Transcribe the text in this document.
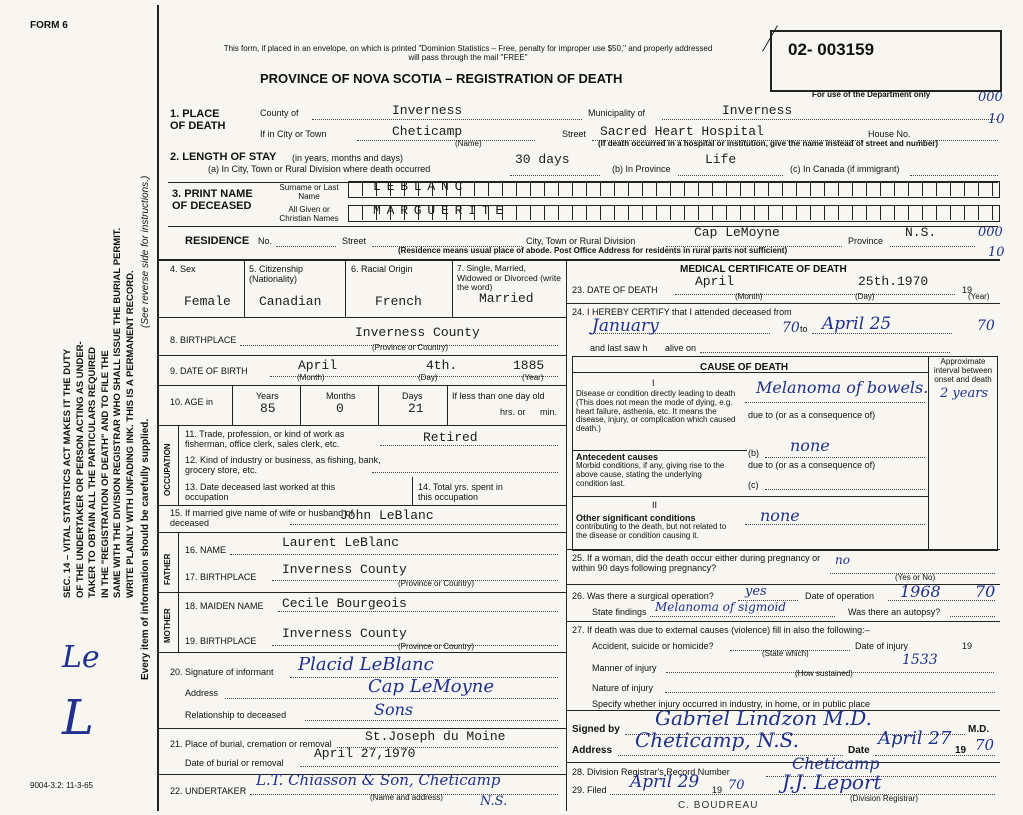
FORM 6
9004-3.2: 11-3-65
SEC. 14 – VITAL STATISTICS ACT MAKES IT THE DUTY OF THE UNDERTAKER OR PERSON ACTING AS UNDER- TAKER TO OBTAIN ALL THE PARTICULARS REQUIRED IN THE "REGISTRATION OF DEATH" AND TO FILE THE SAME WITH THE DIVISION REGISTRAR WHO SHALL ISSUE THE BURIAL PERMIT. WRITE PLAINLY WITH UNFADING INK. THIS IS A PERMANENT RECORD. Every item of information should be carefully supplied.
(See reverse side for instructions.)
Le
L
This form, if placed in an envelope, on which is printed "Dominion Statistics – Free, penalty for improper use $50," and properly addressed will pass through the mail "FREE"
PROVINCE OF NOVA SCOTIA – REGISTRATION OF DEATH
02- 003159
For use of the Department only	000
10
000
10
1. PLACE OF DEATH
County of	Inverness	Municipality of	Inverness
If in City or Town	Cheticamp
(Name)
Street Sacred Heart Hospital	House No.
(If death occurred in a hospital or institution, give the name instead of street and number)
2. LENGTH OF STAY (in years, months and days)
(a) In City, Town or Rural Division where death occurred
30 days
(b) In Province
Life
(c) In Canada (if immigrant)
3. PRINT NAME OF DECEASED
Surname or Last Name
All Given or Christian Names
LEBLANC
MARGUERITE
RESIDENCE No.	Street	City, Town or Rural Division
Cap LeMoyne
Province
N.S.
(Residence means usual place of abode. Post Office Address for residents in rural parts not sufficient)
4. Sex
Female
5. Citizenship (Nationality)
Canadian
6. Racial Origin
French
7. Single, Married, Widowed or Divorced (write the word)
Married
8. BIRTHPLACE	Inverness County
(Province or Country)
9. DATE OF BIRTH	April	4th.	1885
(Month)	(Day)	(Year)
10. AGE in
Years	Months	Days
85	0	21
If less than one day old
hrs. or min.
OCCUPATION
11. Trade, profession, or kind of work as fisherman, office clerk, sales clerk, etc.	Retired
12. Kind of industry or business, as fishing, bank, grocery store, etc.
13. Date deceased last worked at this occupation
14. Total yrs. spent in this occupation
15. If married give name of wife or husband of deceased
John LeBlanc
FATHER
16. NAME	Laurent LeBlanc
17. BIRTHPLACE Inverness County
(Province or Country)
MOTHER
18. MAIDEN NAME Cecile Bourgeois
19. BIRTHPLACE Inverness County
(Province or Country)
20. Signature of informant Placid LeBlanc
Address	Cap LeMoyne
Relationship to deceased	Sons
21. Place of burial, cremation or removal	St.Joseph du Moine
Date of burial or removal
April 27,1970
22. UNDERTAKER
L.T. Chiasson & Son, Cheticamp
N.S.
(Name and address)
MEDICAL CERTIFICATE OF DEATH
23. DATE OF DEATH
April	25th.1970
19
(Month)	(Day)	(Year)
24. I HEREBY CERTIFY that I attended deceased from
January	70 to April 25	70
and last saw h alive on
CAUSE OF DEATH
Approximate interval between onset and death
I
Disease or condition directly leading to death (This does not mean the mode of dying, e.g. heart failure, asthenia, etc. It means the disease, injury, or complication which caused death.)
Melanoma of bowels. 2 years
due to (or as a consequence of)
Antecedent causes
Morbid conditions, if any, giving rise to the above cause, stating the underlying condition last.
(b) none
due to (or as a consequence of)
(c)
II
Other significant conditions
contributing to the death, but not related to the disease or condition causing it.
none
25. If a woman, did the death occur either during pregnancy or within 90 days following pregnancy?
no
(Yes or No)
26. Was there a surgical operation? yes	Date of operation 1968 70
State findings Melanoma of sigmoid	Was there an autopsy?
27. If death was due to external causes (violence) fill in also the following:–
Accident, suicide or homicide?
(State which)
Date of injury	19
Manner of injury	1533
(How sustained)
Nature of injury
Specify whether injury occurred in industry, in home, or in public place
Signed by Gabriel Lindzon M.D.	M.D.
Address Cheticamp, N.S.	Date
April 27
19 70
28. Division Registrar's Record Number	Cheticamp
29. Filed April 29 19 70 J.J. Leport
(Division Registrar)
C. BOUDREAU
